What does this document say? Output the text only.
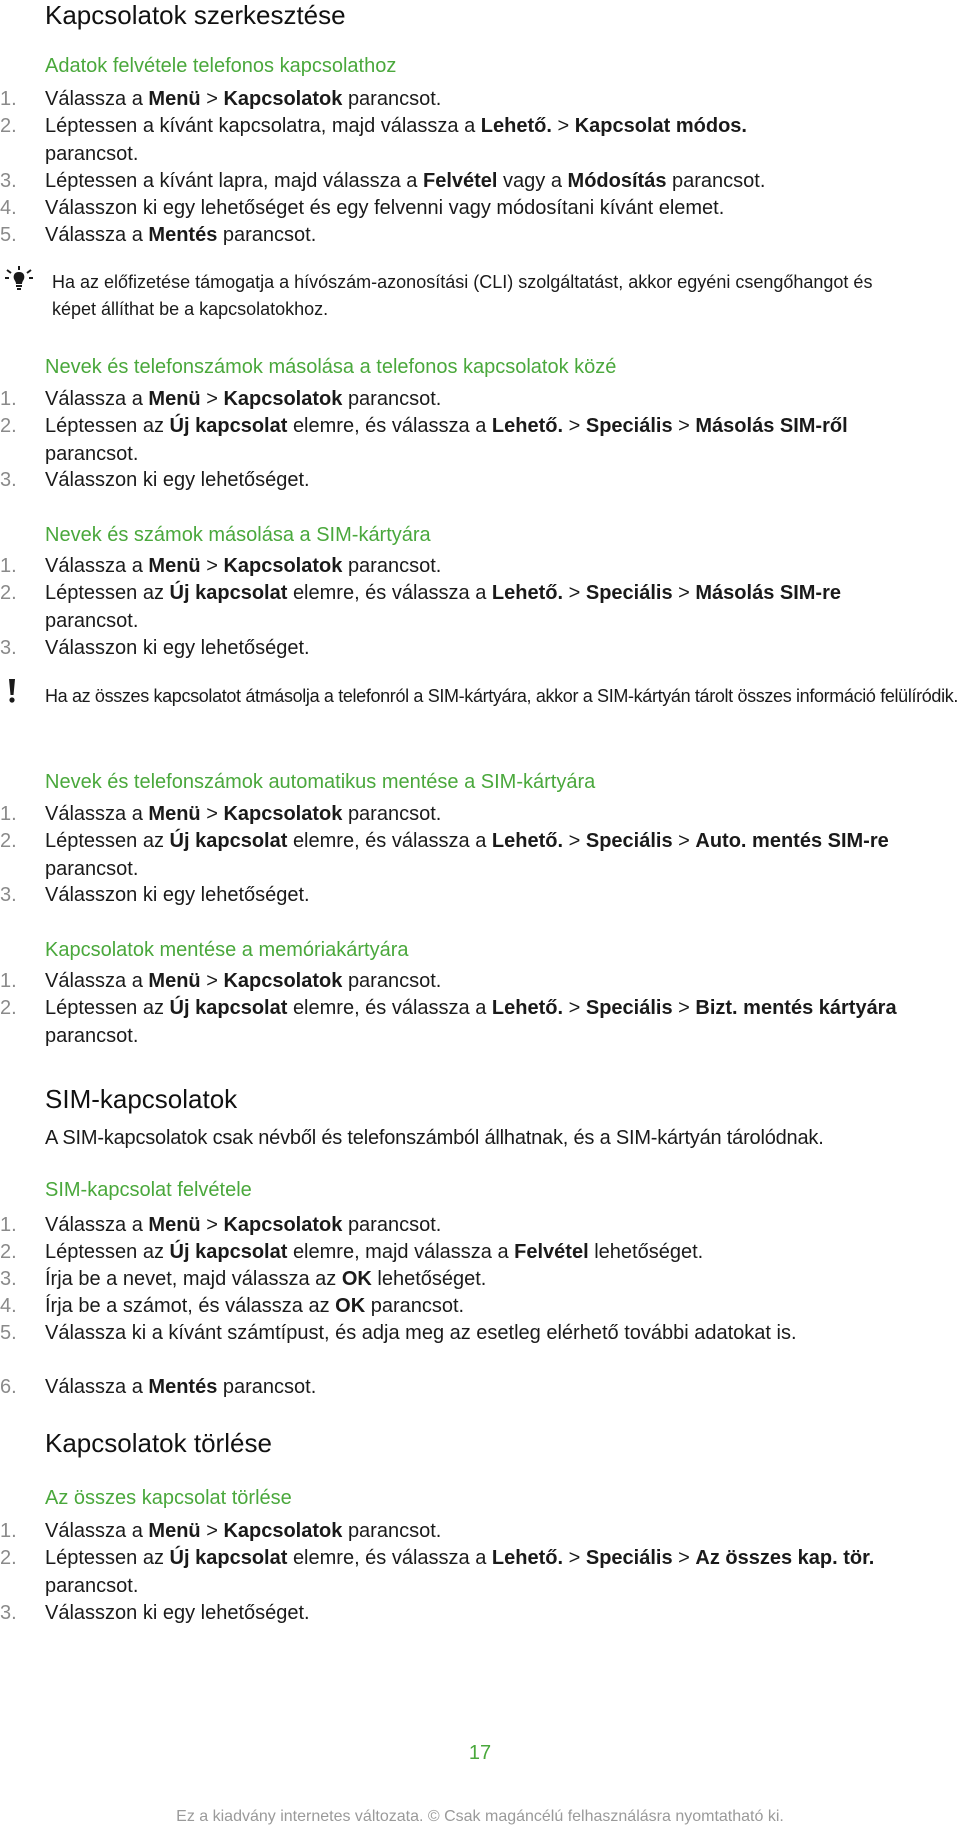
Kapcsolatok szerkesztése
Adatok felvétele telefonos kapcsolathoz
1.	Válassza a Menü > Kapcsolatok parancsot.
2.	Léptessen a kívánt kapcsolatra, majd válassza a Lehető. > Kapcsolat módos.
parancsot.
3.	Léptessen a kívánt lapra, majd válassza a Felvétel vagy a Módosítás parancsot.
4.	Válasszon ki egy lehetőséget és egy felvenni vagy módosítani kívánt elemet.
5.	Válassza a Mentés parancsot.
Ha az előfizetése támogatja a hívószám-azonosítási (CLI) szolgáltatást, akkor egyéni csengőhangot és képet állíthat be a kapcsolatokhoz.
Nevek és telefonszámok másolása a telefonos kapcsolatok közé
1.	Válassza a Menü > Kapcsolatok parancsot.
2.	Léptessen az Új kapcsolat elemre, és válassza a Lehető. > Speciális > Másolás SIM-ről parancsot.
3.	Válasszon ki egy lehetőséget.
Nevek és számok másolása a SIM-kártyára
1.	Válassza a Menü > Kapcsolatok parancsot.
2.	Léptessen az Új kapcsolat elemre, és válassza a Lehető. > Speciális > Másolás SIM-re parancsot.
3.	Válasszon ki egy lehetőséget.
Ha az összes kapcsolatot átmásolja a telefonról a SIM-kártyára, akkor a SIM-kártyán tárolt összes információ felülíródik.
Nevek és telefonszámok automatikus mentése a SIM-kártyára
1.	Válassza a Menü > Kapcsolatok parancsot.
2.	Léptessen az Új kapcsolat elemre, és válassza a Lehető. > Speciális > Auto. mentés SIM-re parancsot.
3.	Válasszon ki egy lehetőséget.
Kapcsolatok mentése a memóriakártyára
1.	Válassza a Menü > Kapcsolatok parancsot.
2.	Léptessen az Új kapcsolat elemre, és válassza a Lehető. > Speciális > Bizt. mentés kártyára parancsot.
SIM-kapcsolatok
A SIM-kapcsolatok csak névből és telefonszámból állhatnak, és a SIM-kártyán tárolódnak.
SIM-kapcsolat felvétele
1.	Válassza a Menü > Kapcsolatok parancsot.
2.	Léptessen az Új kapcsolat elemre, majd válassza a Felvétel lehetőséget.
3.	Írja be a nevet, majd válassza az OK lehetőséget.
4.	Írja be a számot, és válassza az OK parancsot.
5.	Válassza ki a kívánt számtípust, és adja meg az esetleg elérhető további adatokat is.
6.	Válassza a Mentés parancsot.
Kapcsolatok törlése
Az összes kapcsolat törlése
1.	Válassza a Menü > Kapcsolatok parancsot.
2.	Léptessen az Új kapcsolat elemre, és válassza a Lehető. > Speciális > Az összes kap. tör. parancsot.
3.	Válasszon ki egy lehetőséget.
17
Ez a kiadvány internetes változata. © Csak magáncélú felhasználásra nyomtatható ki.
